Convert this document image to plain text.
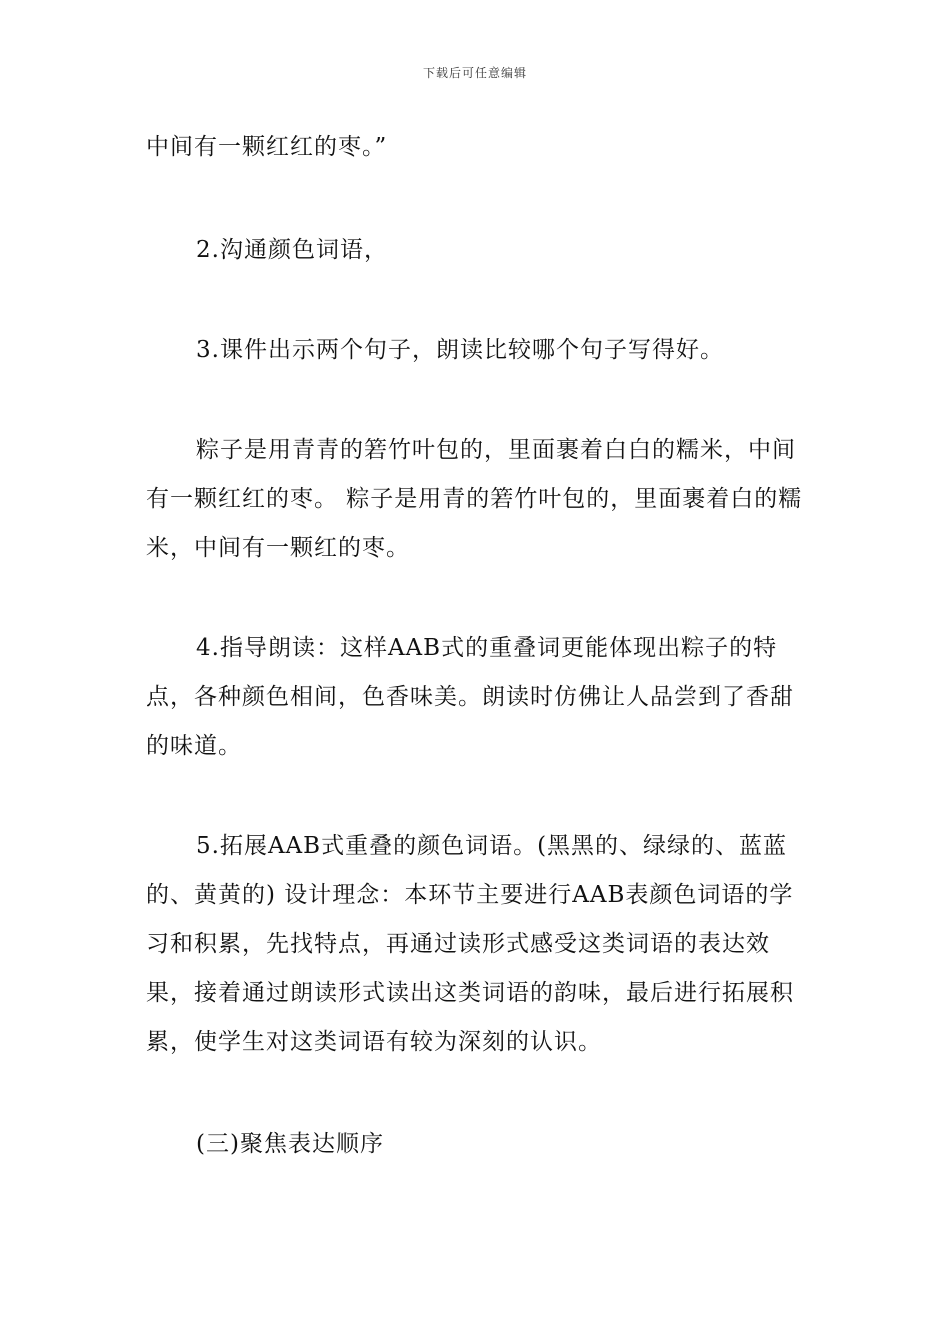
下载后可任意编辑

中间有一颗红红的枣。”

2.沟通颜色词语，

3.课件出示两个句子，朗读比较哪个句子写得好。

粽子是用青青的箬竹叶包的，里面裹着白白的糯米，中间有一颗红红的枣。 粽子是用青的箬竹叶包的，里面裹着白的糯米，中间有一颗红的枣。

4.指导朗读：这样AAB式的重叠词更能体现出粽子的特点，各种颜色相间，色香味美。朗读时仿佛让人品尝到了香甜的味道。

5.拓展AAB式重叠的颜色词语。(黑黑的、绿绿的、蓝蓝的、黄黄的) 设计理念：本环节主要进行AAB表颜色词语的学习和积累，先找特点，再通过读形式感受这类词语的表达效果，接着通过朗读形式读出这类词语的韵味，最后进行拓展积累，使学生对这类词语有较为深刻的认识。

(三)聚焦表达顺序
